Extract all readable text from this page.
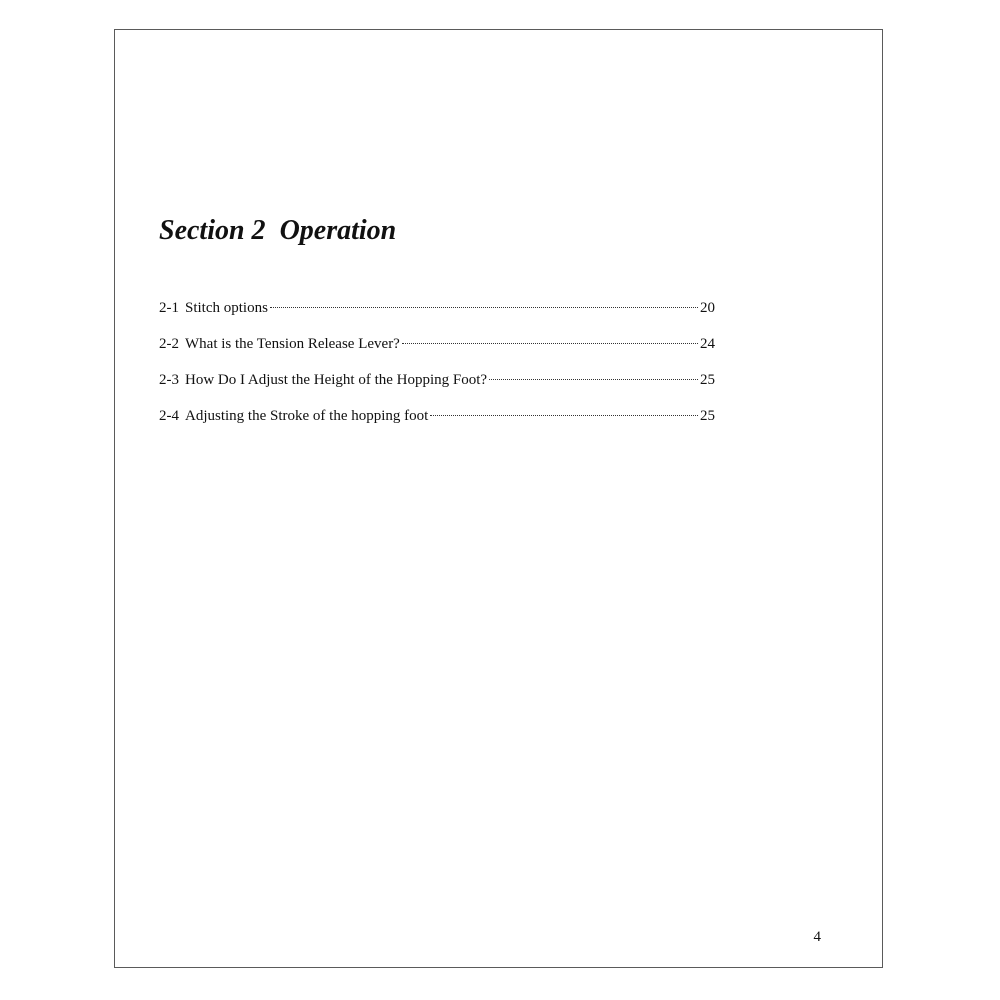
Section 2 Operation
2-1 Stitch options	20
2-2 What is the Tension Release Lever?	24
2-3 How Do I Adjust the Height of the Hopping Foot?	25
2-4 Adjusting the Stroke of the hopping foot	25
4
